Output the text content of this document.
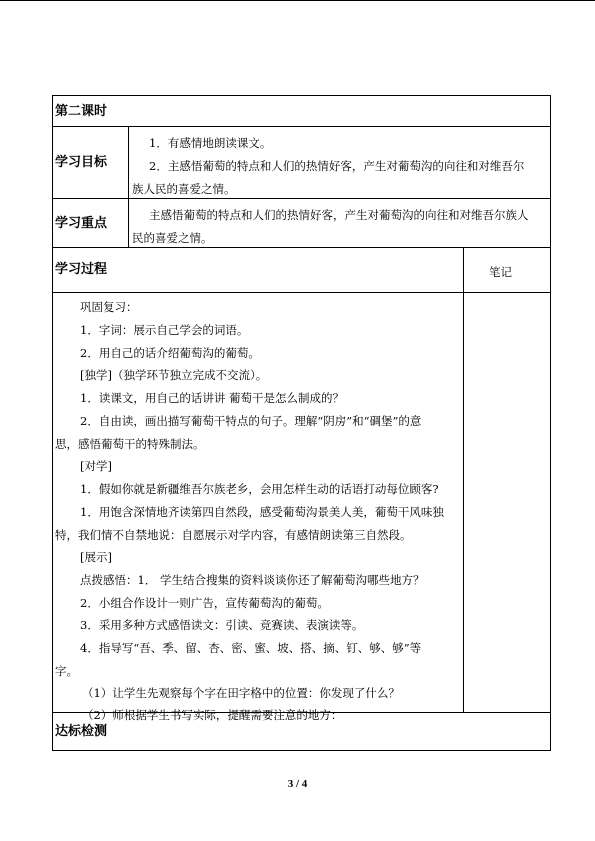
第二课时
学习目标
1．有感情地朗读课文。
2．主感悟葡萄的特点和人们的热情好客，产生对葡萄沟的向往和对维吾尔
族人民的喜爱之情。
学习重点
主感悟葡萄的特点和人们的热情好客，产生对葡萄沟的向往和对维吾尔族人
民的喜爱之情。
学习过程	笔记
巩固复习：
1．字词：展示自己学会的词语。
2．用自己的话介绍葡萄沟的葡萄。
[独学]（独学环节独立完成不交流）。
1．读课文，用自己的话讲讲 葡萄干是怎么制成的？
2．自由读，画出描写葡萄干特点的句子。理解“阴房”和“碉堡”的意
思，感悟葡萄干的特殊制法。
[对学]
1．假如你就是新疆维吾尔族老乡，会用怎样生动的话语打动每位顾客?
1．用饱含深情地齐读第四自然段，感受葡萄沟景美人美，葡萄干风味独
特，我们情不自禁地说：自愿展示对学内容，有感情朗读第三自然段。
[展示]
点拨感悟：1． 学生结合搜集的资料谈谈你还了解葡萄沟哪些地方？
2．小组合作设计一则广告，宣传葡萄沟的葡萄。
3．采用多种方式感悟读文：引读、竞赛读、表演读等。
4．指导写“吾、季、留、杏、密、蜜、坡、搭、摘、钉、够、够”等
字。
（1）让学生先观察每个字在田字格中的位置：你发现了什么？
（2）师根据学生书写实际，提醒需要注意的地方：
达标检测
3 / 4
